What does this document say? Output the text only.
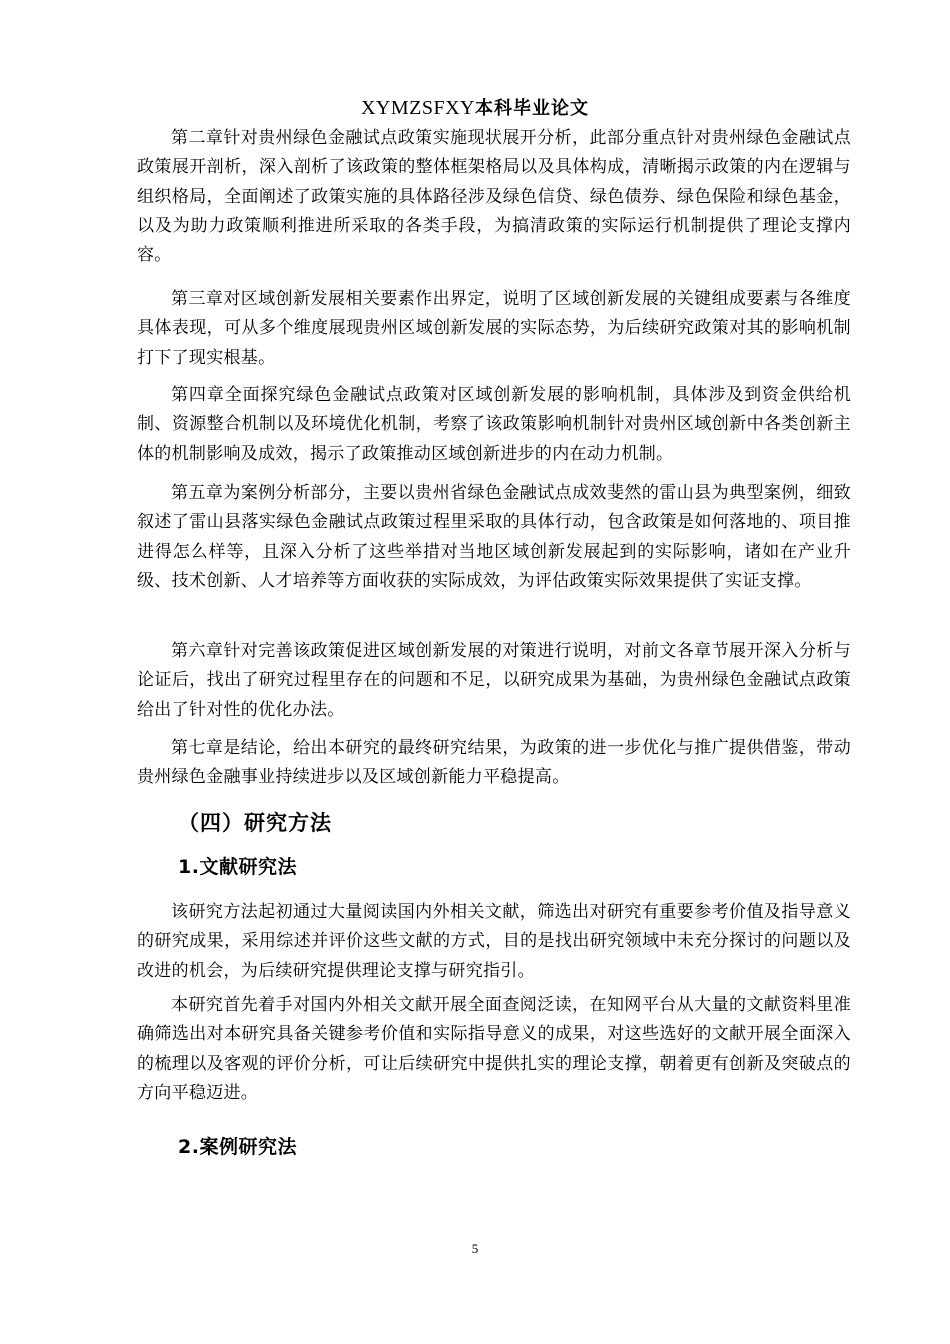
XYMZSFXY本科毕业论文

第二章针对贵州绿色金融试点政策实施现状展开分析，此部分重点针对贵州绿色金融试点政策展开剖析，深入剖析了该政策的整体框架格局以及具体构成，清晰揭示政策的内在逻辑与组织格局，全面阐述了政策实施的具体路径涉及绿色信贷、绿色债券、绿色保险和绿色基金，以及为助力政策顺利推进所采取的各类手段，为搞清政策的实际运行机制提供了理论支撑内容。

第三章对区域创新发展相关要素作出界定，说明了区域创新发展的关键组成要素与各维度具体表现，可从多个维度展现贵州区域创新发展的实际态势，为后续研究政策对其的影响机制打下了现实根基。

第四章全面探究绿色金融试点政策对区域创新发展的影响机制，具体涉及到资金供给机制、资源整合机制以及环境优化机制，考察了该政策影响机制针对贵州区域创新中各类创新主体的机制影响及成效，揭示了政策推动区域创新进步的内在动力机制。

第五章为案例分析部分，主要以贵州省绿色金融试点成效斐然的雷山县为典型案例，细致叙述了雷山县落实绿色金融试点政策过程里采取的具体行动，包含政策是如何落地的、项目推进得怎么样等，且深入分析了这些举措对当地区域创新发展起到的实际影响，诸如在产业升级、技术创新、人才培养等方面收获的实际成效，为评估政策实际效果提供了实证支撑。

第六章针对完善该政策促进区域创新发展的对策进行说明，对前文各章节展开深入分析与论证后，找出了研究过程里存在的问题和不足，以研究成果为基础，为贵州绿色金融试点政策给出了针对性的优化办法。

第七章是结论，给出本研究的最终研究结果，为政策的进一步优化与推广提供借鉴，带动贵州绿色金融事业持续进步以及区域创新能力平稳提高。

（四）研究方法
1.文献研究法

该研究方法起初通过大量阅读国内外相关文献，筛选出对研究有重要参考价值及指导意义的研究成果，采用综述并评价这些文献的方式，目的是找出研究领域中未充分探讨的问题以及改进的机会，为后续研究提供理论支撑与研究指引。

本研究首先着手对国内外相关文献开展全面查阅泛读，在知网平台从大量的文献资料里准确筛选出对本研究具备关键参考价值和实际指导意义的成果，对这些选好的文献开展全面深入的梳理以及客观的评价分析，可让后续研究中提供扎实的理论支撑，朝着更有创新及突破点的方向平稳迈进。

2.案例研究法
5
